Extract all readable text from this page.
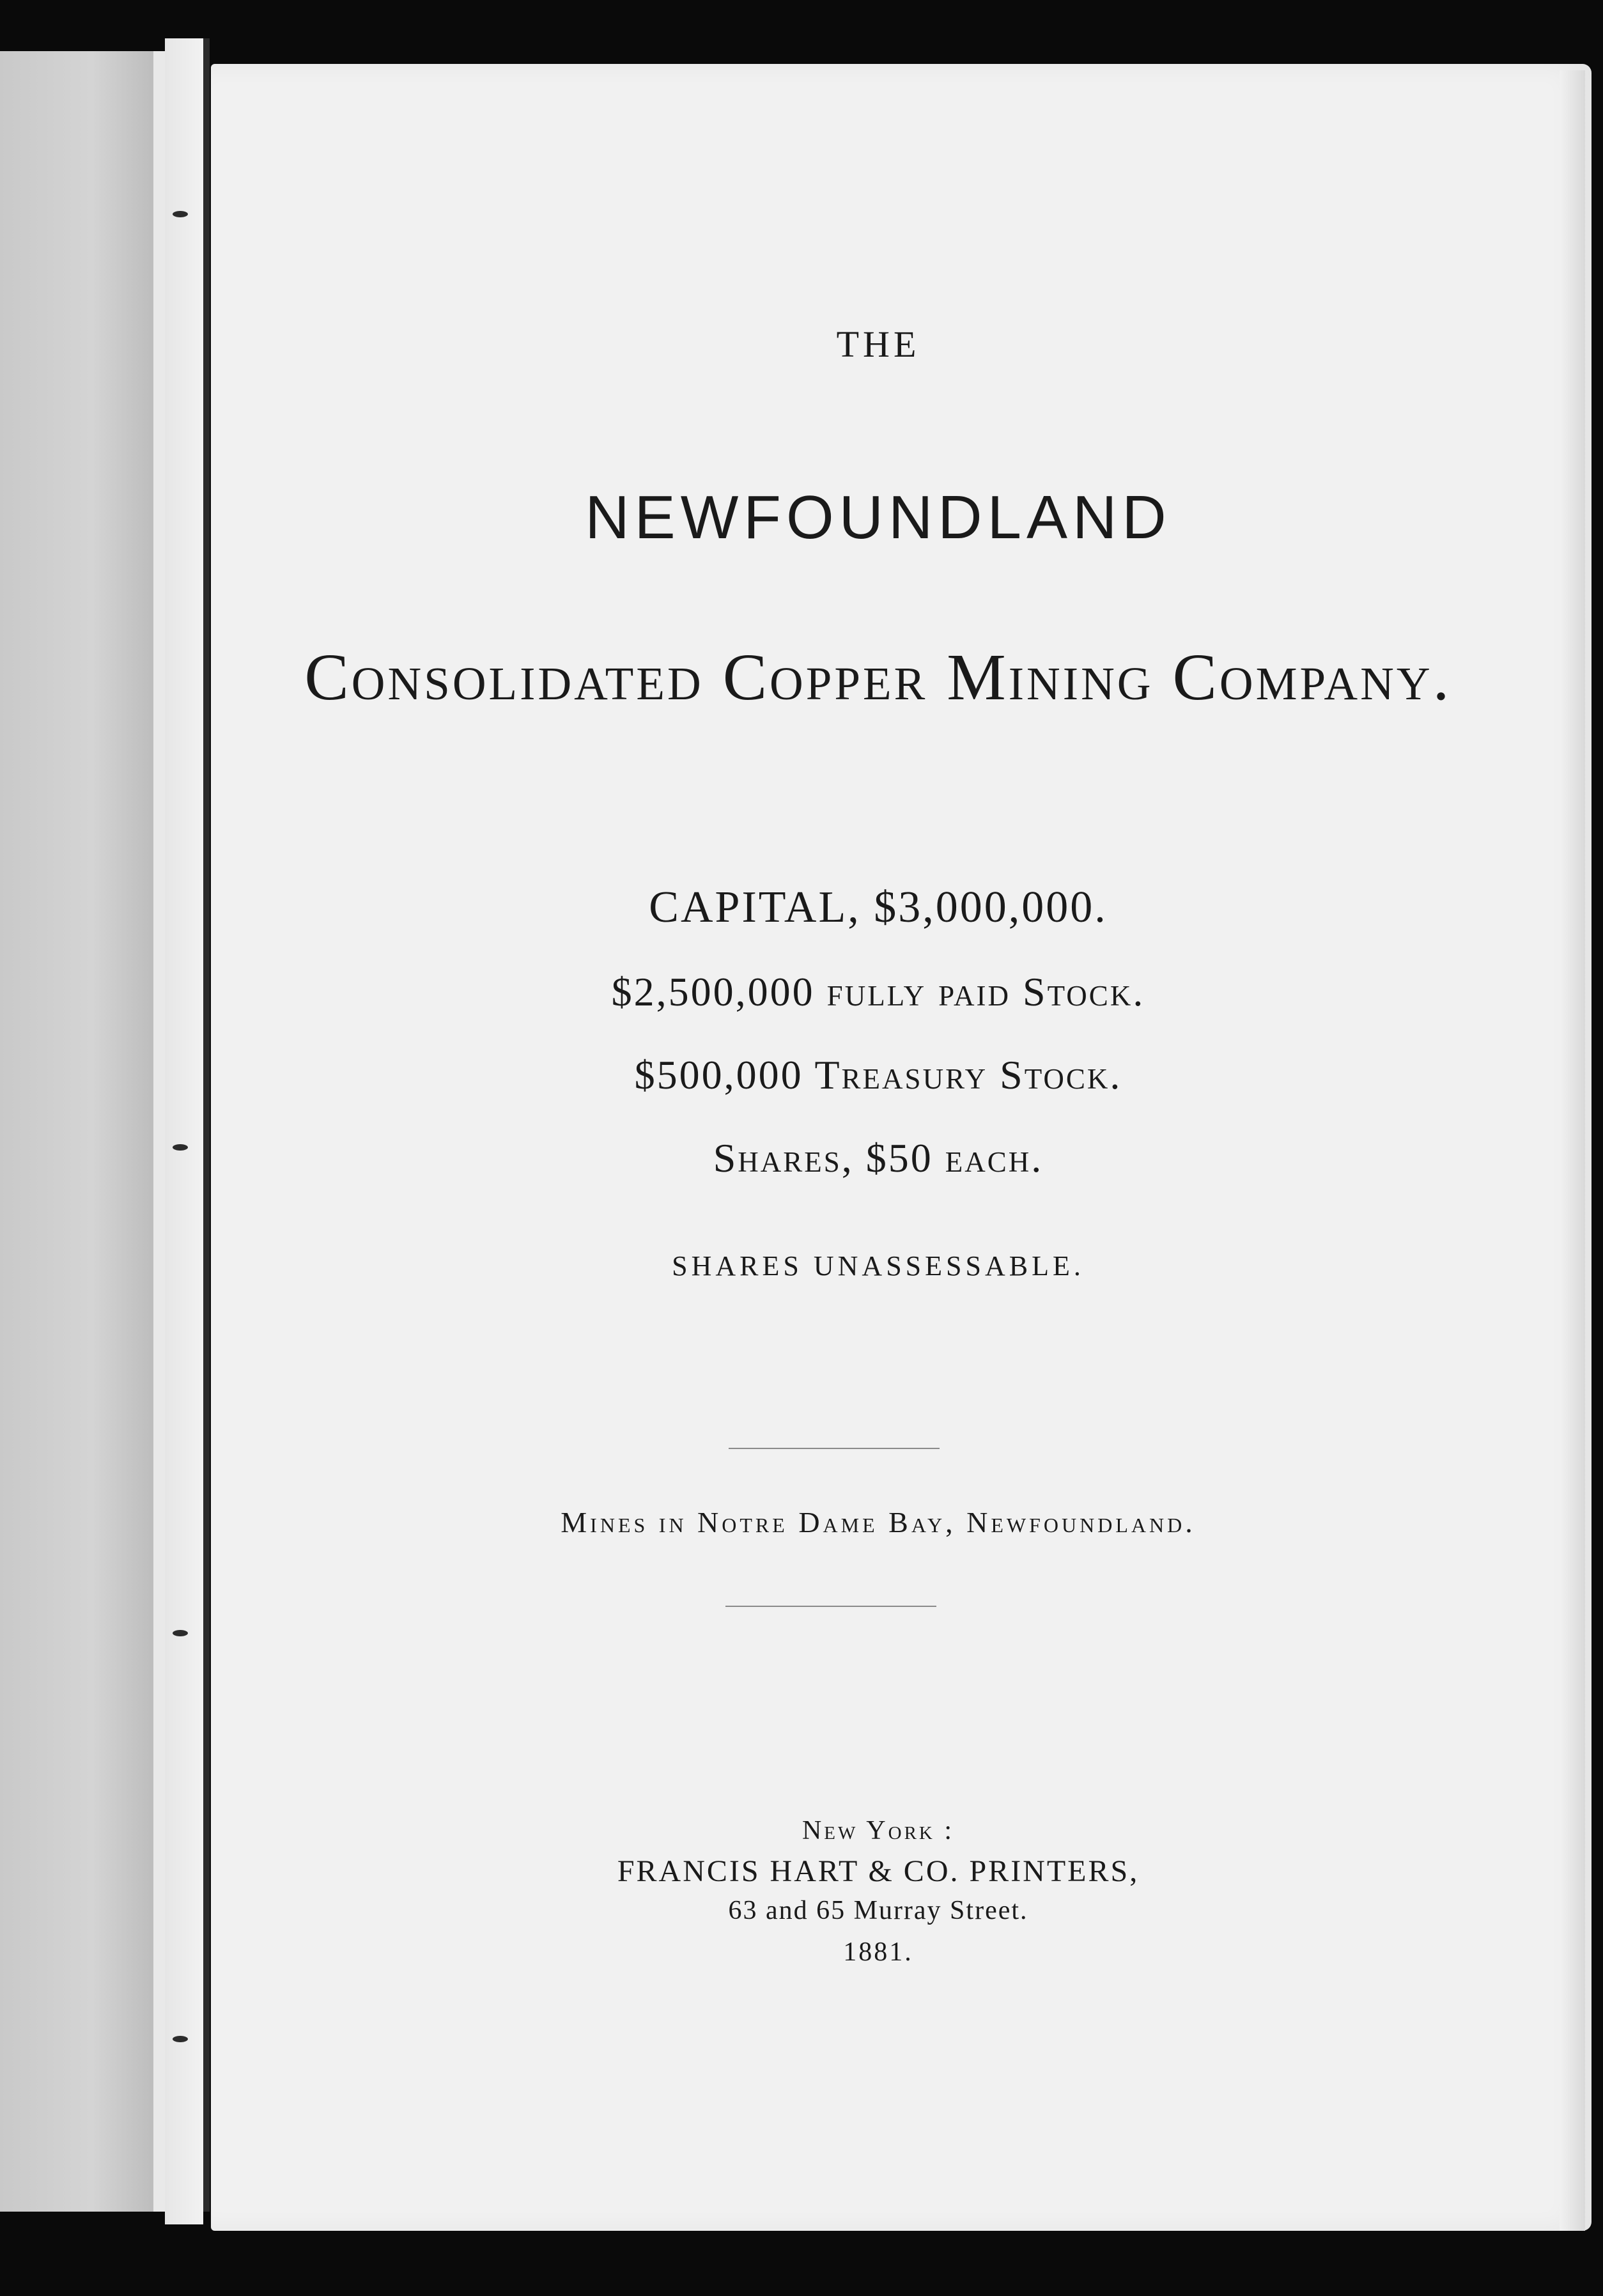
THE
NEWFOUNDLAND
Consolidated Copper Mining Company.
CAPITAL, $3,000,000.
$2,500,000 fully paid Stock.
$500,000 Treasury Stock.
Shares, $50 each.
SHARES UNASSESSABLE.
Mines in Notre Dame Bay, Newfoundland.
New York :
FRANCIS HART & CO. PRINTERS,
63 and 65 Murray Street.
1881.
